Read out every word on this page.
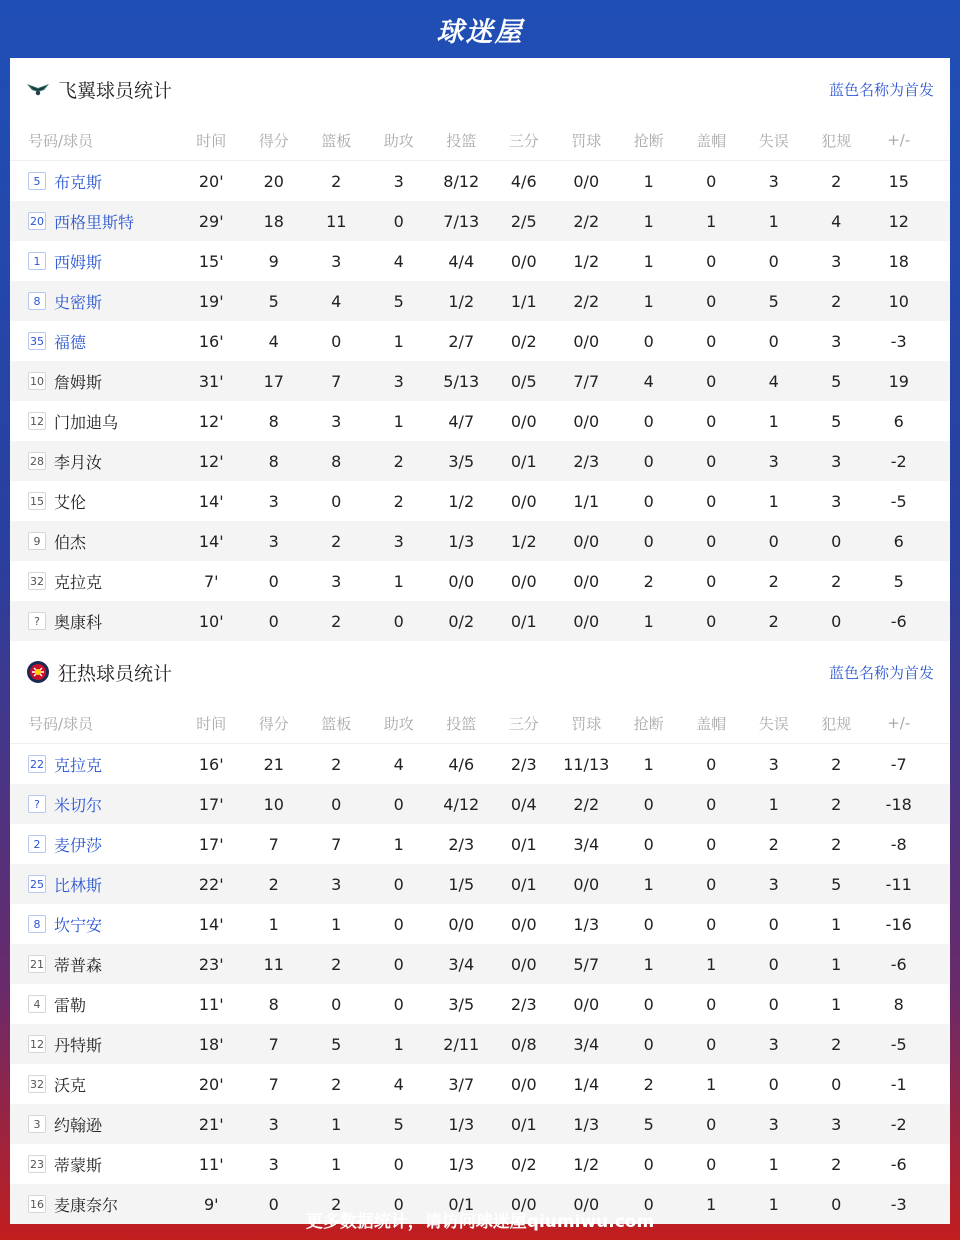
球迷屋
飞翼球员统计	蓝色名称为首发
号码/球员	时间	得分	篮板	助攻	投篮	三分	罚球	抢断	盖帽	失误	犯规	+/-
5 布克斯	20'	20	2	3	8/12	4/6	0/0	1	0	3	2	15
20 西格里斯特	29'	18	11	0	7/13	2/5	2/2	1	1	1	4	12
1 西姆斯	15'	9	3	4	4/4	0/0	1/2	1	0	0	3	18
8 史密斯	19'	5	4	5	1/2	1/1	2/2	1	0	5	2	10
35 福德	16'	4	0	1	2/7	0/2	0/0	0	0	0	3	-3
10 詹姆斯	31'	17	7	3	5/13	0/5	7/7	4	0	4	5	19
12 门加迪乌	12'	8	3	1	4/7	0/0	0/0	0	0	1	5	6
28 李月汝	12'	8	8	2	3/5	0/1	2/3	0	0	3	3	-2
15 艾伦	14'	3	0	2	1/2	0/0	1/1	0	0	1	3	-5
9 伯杰	14'	3	2	3	1/3	1/2	0/0	0	0	0	0	6
32 克拉克	7'	0	3	1	0/0	0/0	0/0	2	0	2	2	5
? 奥康科	10'	0	2	0	0/2	0/1	0/0	1	0	2	0	-6
狂热球员统计	蓝色名称为首发
号码/球员	时间	得分	篮板	助攻	投篮	三分	罚球	抢断	盖帽	失误	犯规	+/-
22 克拉克	16'	21	2	4	4/6	2/3	11/13	1	0	3	2	-7
? 米切尔	17'	10	0	0	4/12	0/4	2/2	0	0	1	2	-18
2 麦伊莎	17'	7	7	1	2/3	0/1	3/4	0	0	2	2	-8
25 比林斯	22'	2	3	0	1/5	0/1	0/0	1	0	3	5	-11
8 坎宁安	14'	1	1	0	0/0	0/0	1/3	0	0	0	1	-16
21 蒂普森	23'	11	2	0	3/4	0/0	5/7	1	1	0	1	-6
4 雷勒	11'	8	0	0	3/5	2/3	0/0	0	0	0	1	8
12 丹特斯	18'	7	5	1	2/11	0/8	3/4	0	0	3	2	-5
32 沃克	20'	7	2	4	3/7	0/0	1/4	2	1	0	0	-1
3 约翰逊	21'	3	1	5	1/3	0/1	1/3	5	0	3	3	-2
23 蒂蒙斯	11'	3	1	0	1/3	0/2	1/2	0	0	1	2	-6
16 麦康奈尔	9'	0	2	0	0/1	0/0	0/0	0	1	1	0	-3
更多数据统计，请访问球迷屋qiumiwu.com
